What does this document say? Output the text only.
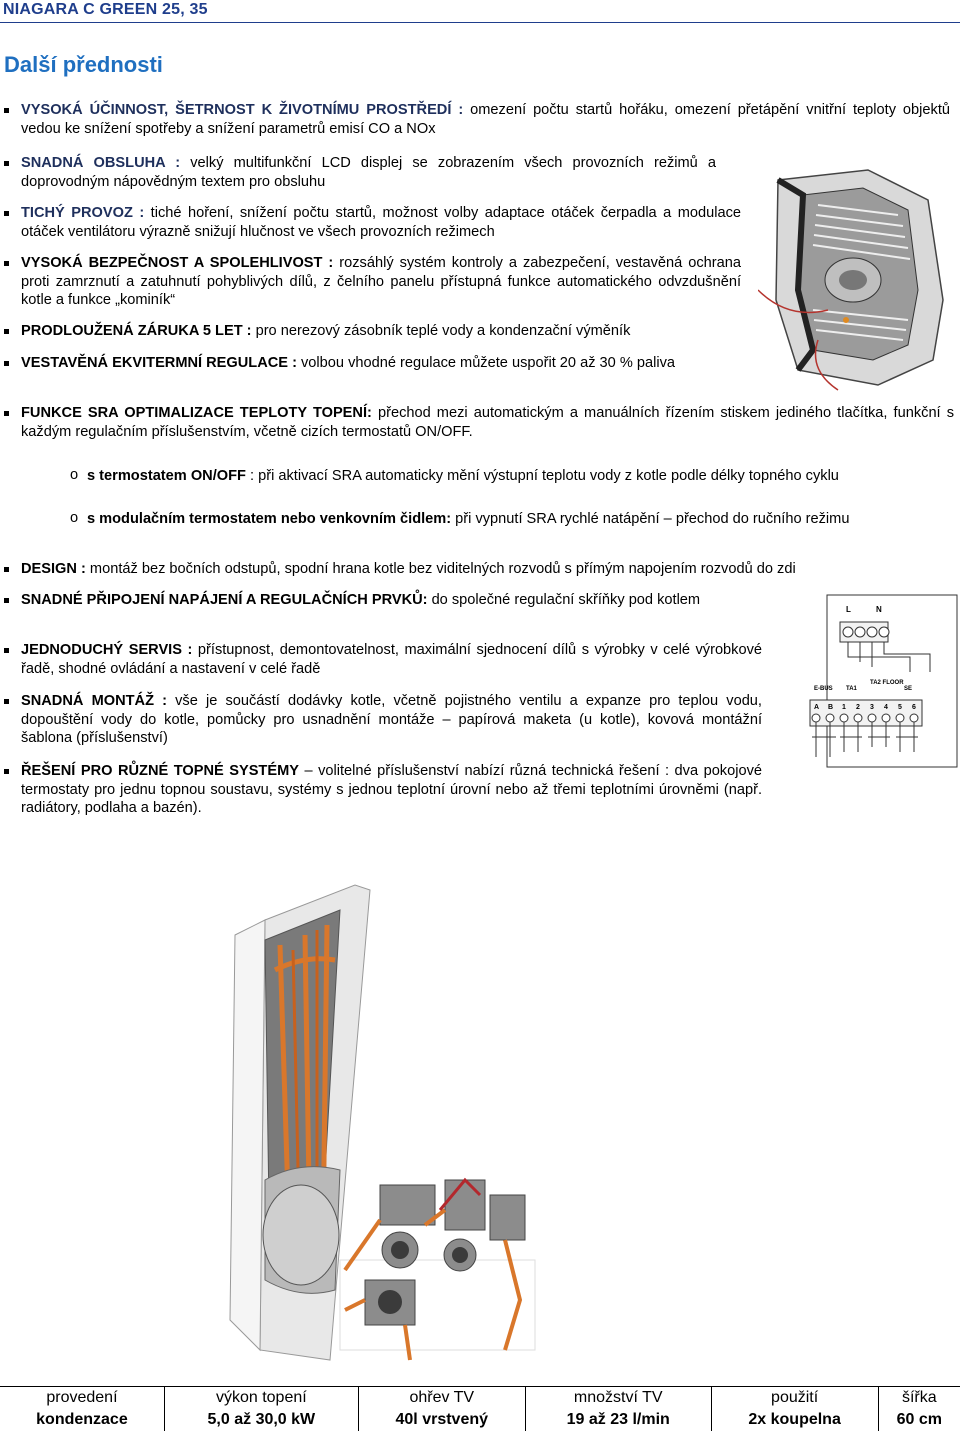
NIAGARA C GREEN 25, 35
Další přednosti
VYSOKÁ ÚČINNOST, ŠETRNOST K ŽIVOTNÍMU PROSTŘEDÍ : omezení počtu startů hořáku, omezení přetápění vnitřní teploty objektů vedou ke snížení spotřeby a snížení parametrů emisí CO a NOx
SNADNÁ OBSLUHA : velký multifunkční LCD displej se zobrazením všech provozních režimů a doprovodným nápovědným textem pro obsluhu
TICHÝ PROVOZ : tiché hoření, snížení počtu startů, možnost volby adaptace otáček čerpadla a modulace otáček ventilátoru výrazně snižují hlučnost ve všech provozních režimech
VYSOKÁ BEZPEČNOST A SPOLEHLIVOST : rozsáhlý systém kontroly a zabezpečení, vestavěná ochrana proti zamrznutí a zatuhnutí pohyblivých dílů, z čelního panelu přístupná funkce automatického odvzdušnění kotle a funkce „kominík“
PRODLOUŽENÁ ZÁRUKA 5 LET : pro nerezový zásobník teplé vody a kondenzační výměník
VESTAVĚNÁ EKVITERMNÍ REGULACE : volbou vhodné regulace můžete uspořit 20 až 30 % paliva
FUNKCE SRA OPTIMALIZACE TEPLOTY TOPENÍ: přechod mezi automatickým a manuálních řízením stiskem jediného tlačítka, funkční s každým regulačním příslušenstvím, včetně cizích termostatů ON/OFF.
o s termostatem ON/OFF : při aktivací SRA automaticky mění výstupní teplotu vody z kotle podle délky topného cyklu
o s modulačním termostatem nebo venkovním čidlem: při vypnutí SRA rychlé natápění – přechod do ručního režimu
DESIGN : montáž bez bočních odstupů, spodní hrana kotle bez viditelných rozvodů s přímým napojením rozvodů do zdi
SNADNÉ PŘIPOJENÍ NAPÁJENÍ A REGULAČNÍCH PRVKŮ: do společné regulační skříňky pod kotlem
JEDNODUCHÝ SERVIS : přístupnost, demontovatelnost, maximální sjednocení dílů s výrobky v celé výrobkové řadě, shodné ovládání a nastavení v celé řadě
SNADNÁ MONTÁŽ : vše je součástí dodávky kotle, včetně pojistného ventilu a expanze pro teplou vodu, dopouštění vody do kotle, pomůcky pro usnadnění montáže – papírová maketa (u kotle), kovová montážní šablona (příslušenství)
ŘEŠENÍ PRO RŮZNÉ TOPNÉ SYSTÉMY – volitelné příslušenství nabízí různá technická řešení : dva pokojové termostaty pro jednu topnou soustavu, systémy s jednou teplotní úrovní nebo až třemi teplotními úrovněmi (např. radiátory, podlaha a bazén).
L	N
E-BUS TA1
TA2 FLOOR
SE
A B 1 2 3 4 5 6
provedení	výkon topení	ohřev TV	množství TV	použití	šířka
kondenzace	5,0 až 30,0 kW	40l vrstvený	19 až 23 l/min	2x koupelna	60 cm
